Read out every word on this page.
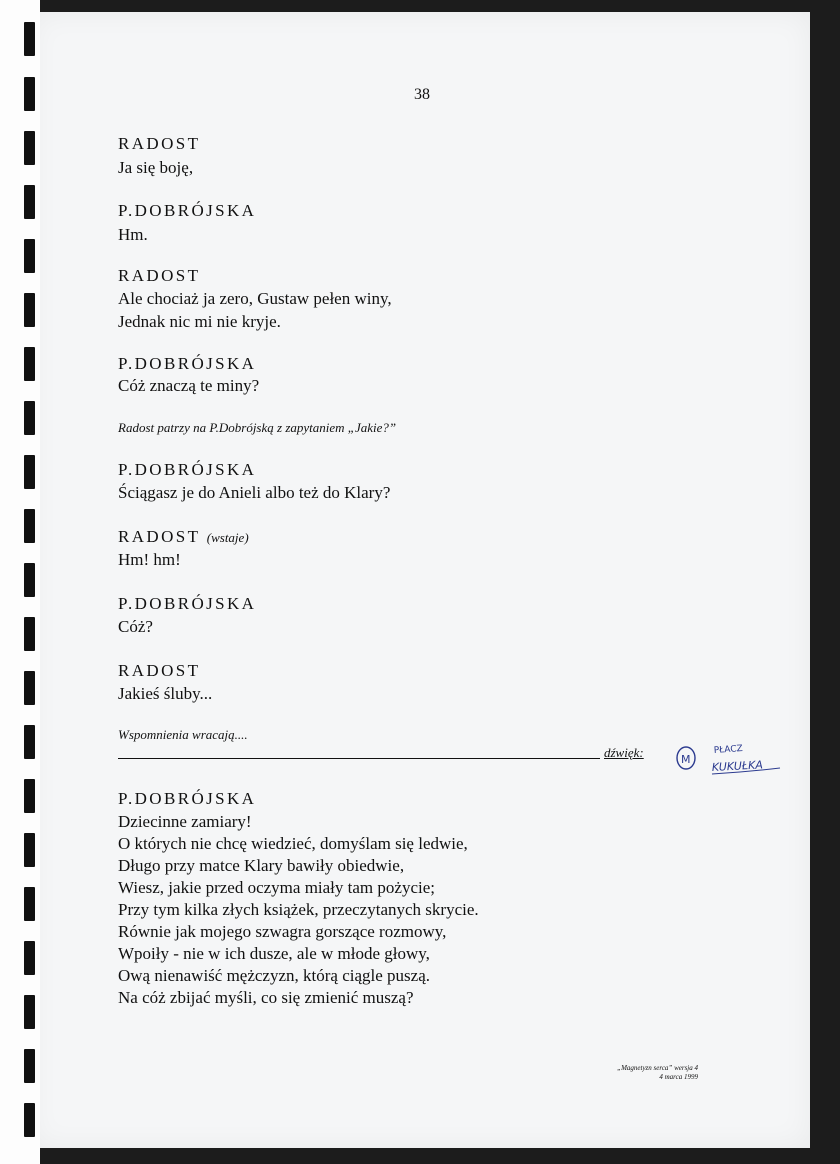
38
RADOST
Ja się boję,
P.DOBRÓJSKA
Hm.
RADOST
Ale chociaż ja zero, Gustaw pełen winy,
Jednak nic mi nie kryje.
P.DOBRÓJSKA
Cóż znaczą te miny?
Radost patrzy na P.Dobrójską z zapytaniem „Jakie?”
P.DOBRÓJSKA
Ściągasz je do Anieli albo też do Klary?
RADOST (wstaje)
Hm! hm!
P.DOBRÓJSKA
Cóż?
RADOST
Jakieś śluby...
Wspomnienia wracają....
dźwięk:	M
PŁACZ
KUKUŁKA
P.DOBRÓJSKA
Dziecinne zamiary!
O których nie chcę wiedzieć, domyślam się ledwie,
Długo przy matce Klary bawiły obiedwie,
Wiesz, jakie przed oczyma miały tam pożycie;
Przy tym kilka złych książek, przeczytanych skrycie.
Równie jak mojego szwagra gorszące rozmowy,
Wpoiły - nie w ich dusze, ale w młode głowy,
Ową nienawiść mężczyzn, którą ciągle puszą.
Na cóż zbijać myśli, co się zmienić muszą?
„Magnetyzn serca” wersja 4
4 marca 1999
